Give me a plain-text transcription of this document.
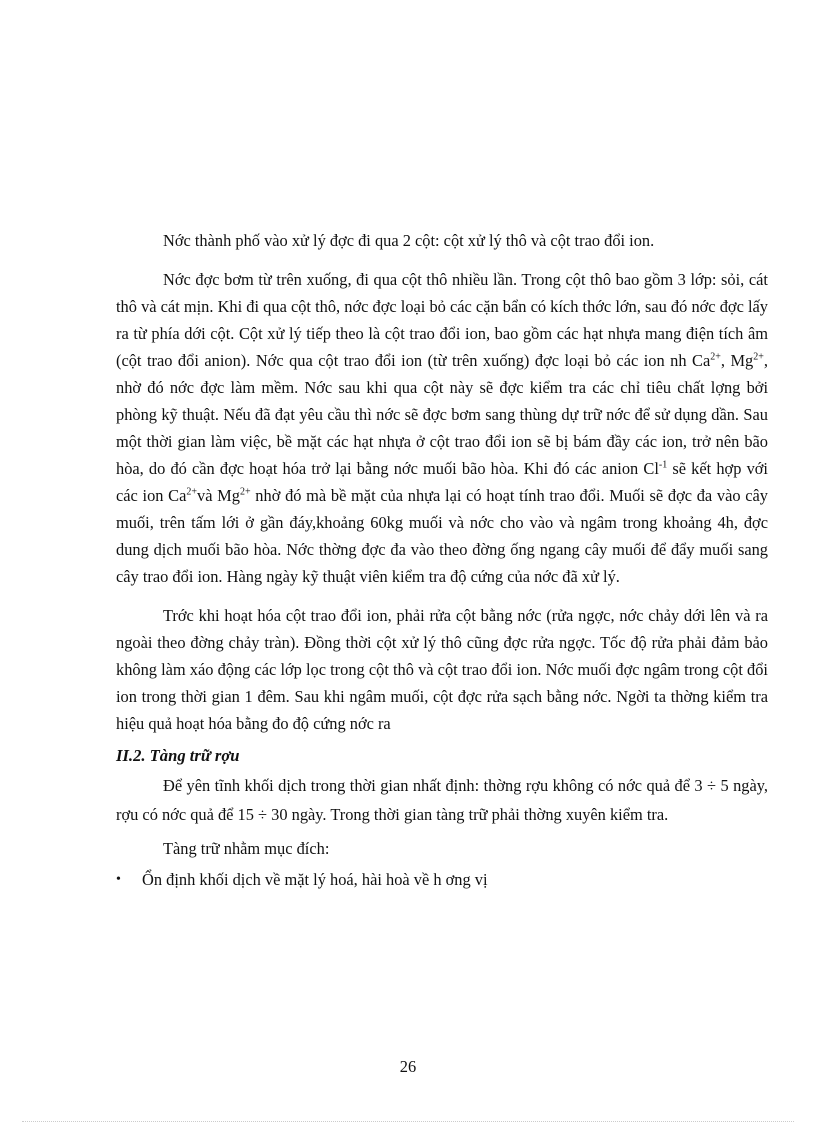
Nớc thành phố vào xử lý đợc đi qua 2 cột: cột xử lý thô và cột trao đổi ion.

Nớc đợc bơm từ trên xuống, đi qua cột thô nhiều lần. Trong cột thô bao gồm 3 lớp: sỏi, cát thô và cát mịn. Khi đi qua cột thô, nớc đợc loại bỏ các cặn bẩn có kích thớc lớn, sau đó nớc đợc lấy ra từ phía dới cột. Cột xử lý tiếp theo là cột trao đổi ion, bao gồm các hạt nhựa mang điện tích âm (cột trao đổi anion). Nớc qua cột trao đổi ion (từ trên xuống) đợc loại bỏ các ion nh $Ca^{2+}$, $Mg^{2+}$, nhờ đó nớc đợc làm mềm. Nớc sau khi qua cột này sẽ đợc kiểm tra các chỉ tiêu chất lợng bởi phòng kỹ thuật. Nếu đã đạt yêu cầu thì nớc sẽ đợc bơm sang thùng dự trữ nớc để sử dụng dần. Sau một thời gian làm việc, bề mặt các hạt nhựa ở cột trao đổi ion sẽ bị bám đầy các ion, trở nên bão hòa, do đó cần đợc hoạt hóa trở lại bằng nớc muối bão hòa. Khi đó các anion $Cl^{-1}$ sẽ kết hợp với các ion $Ca^{2+}và$ $Mg^{2+}$ nhờ đó mà bề mặt của nhựa lại có hoạt tính trao đổi. Muối sẽ đợc đa vào cây muối, trên tấm lới ở gần đáy,khoảng 60kg muối và nớc cho vào và ngâm trong khoảng 4h, đợc dung dịch muối bão hòa. Nớc thờng đợc đa vào theo đờng ống ngang cây muối để đẩy muối sang cây trao đổi ion. Hàng ngày kỹ thuật viên kiểm tra độ cứng của nớc đã xử lý.

Trớc khi hoạt hóa cột trao đổi ion, phải rửa cột bằng nớc (rửa ngợc, nớc chảy dới lên và ra ngoài theo đờng chảy tràn). Đồng thời cột xử lý thô cũng đợc rửa ngợc. Tốc độ rửa phải đảm bảo không làm xáo động các lớp lọc trong cột thô và cột trao đổi ion. Nớc muối đợc ngâm trong cột đổi ion trong thời gian 1 đêm. Sau khi ngâm muối, cột đợc rửa sạch bằng nớc. Ngời ta thờng kiểm tra hiệu quả hoạt hóa bằng đo độ cứng nớc ra

II.2. Tàng trữ rợu

Để yên tĩnh khối dịch trong thời gian nhất định: thờng rợu không có nớc quả để 3 ÷ 5 ngày, rợu có nớc quả để 15 ÷ 30 ngày. Trong thời gian tàng trữ phải thờng xuyên kiểm tra.

Tàng trữ nhằm mục đích:

•	Ổn định khối dịch về mặt lý hoá, hài hoà về h ơng vị
26
